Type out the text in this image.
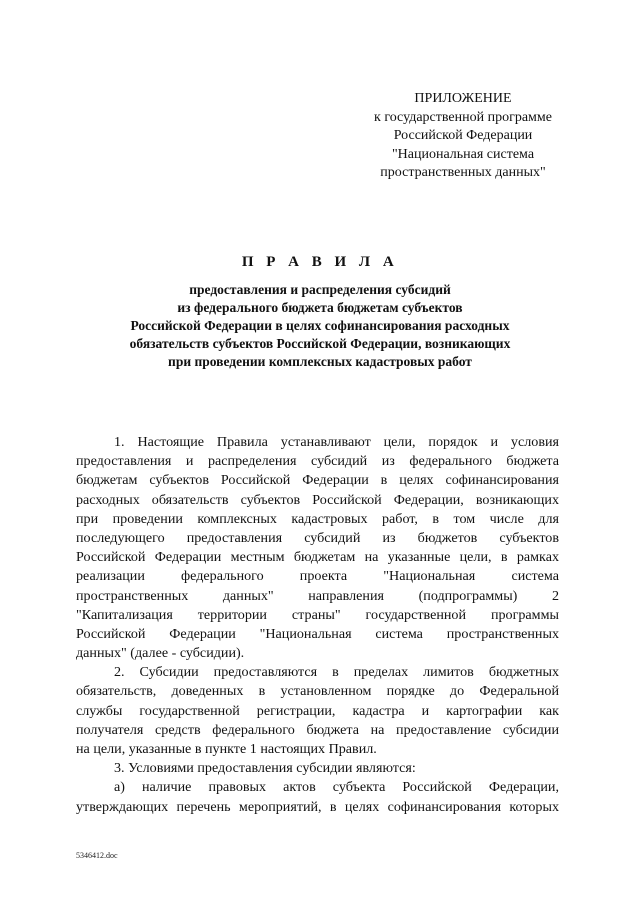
ПРИЛОЖЕНИЕ
к государственной программе
Российской Федерации
"Национальная система
пространственных данных"
П Р А В И Л А
предоставления и распределения субсидий
из федерального бюджета бюджетам субъектов
Российской Федерации в целях софинансирования расходных
обязательств субъектов Российской Федерации, возникающих
при проведении комплексных кадастровых работ
1. Настоящие Правила устанавливают цели, порядок и условия
предоставления и распределения субсидий из федерального бюджета
бюджетам субъектов Российской Федерации в целях софинансирования
расходных обязательств субъектов Российской Федерации, возникающих
при проведении комплексных кадастровых работ, в том числе для
последующего предоставления субсидий из бюджетов субъектов
Российской Федерации местным бюджетам на указанные цели, в рамках
реализации федерального проекта "Национальная система
пространственных данных" направления (подпрограммы) 2
"Капитализация территории страны" государственной программы
Российской Федерации "Национальная система пространственных
данных" (далее - субсидии).
2. Субсидии предоставляются в пределах лимитов бюджетных
обязательств, доведенных в установленном порядке до Федеральной
службы государственной регистрации, кадастра и картографии как
получателя средств федерального бюджета на предоставление субсидии
на цели, указанные в пункте 1 настоящих Правил.
3. Условиями предоставления субсидии являются:
а) наличие правовых актов субъекта Российской Федерации,
утверждающих перечень мероприятий, в целях софинансирования которых
5346412.doc
